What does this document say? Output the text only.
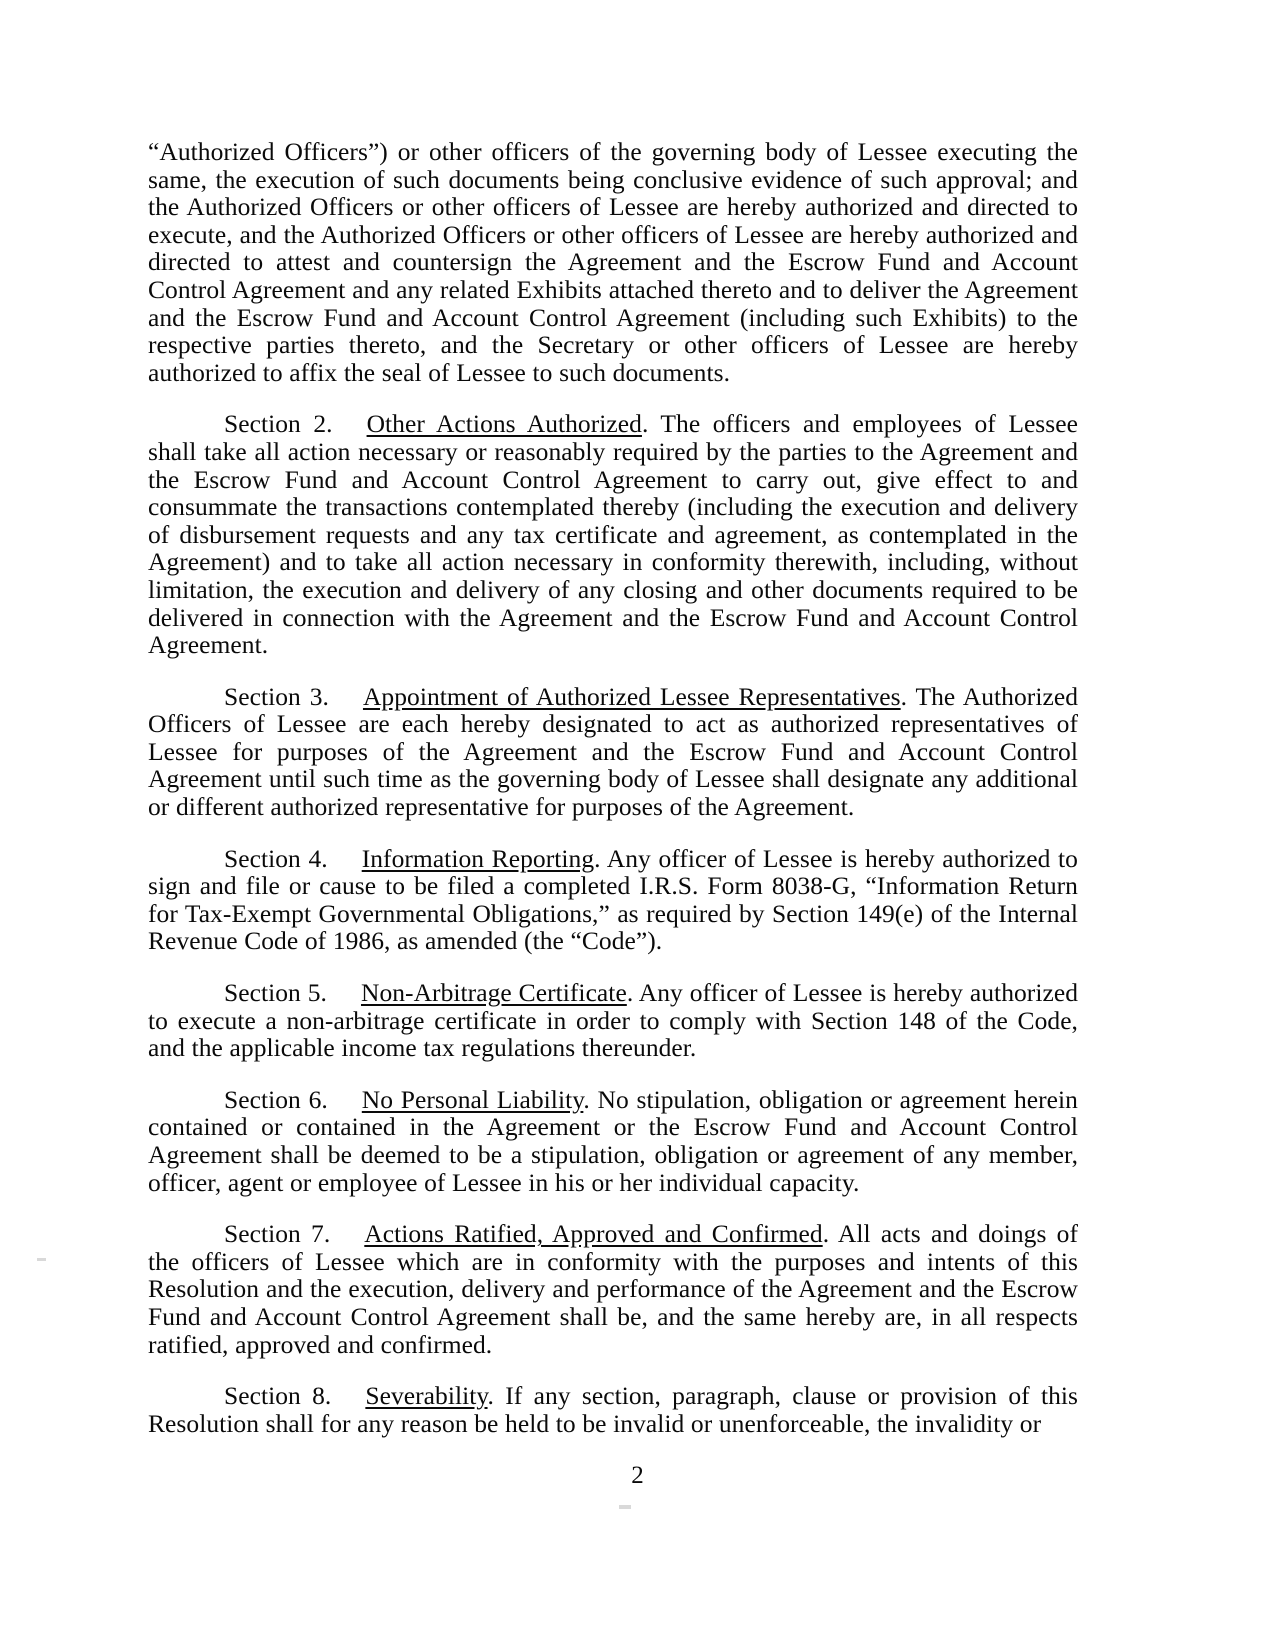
“Authorized Officers”) or other officers of the governing body of Lessee executing the same, the execution of such documents being conclusive evidence of such approval; and the Authorized Officers or other officers of Lessee are hereby authorized and directed to execute, and the Authorized Officers or other officers of Lessee are hereby authorized and directed to attest and countersign the Agreement and the Escrow Fund and Account Control Agreement and any related Exhibits attached thereto and to deliver the Agreement and the Escrow Fund and Account Control Agreement (including such Exhibits) to the respective parties thereto, and the Secretary or other officers of Lessee are hereby authorized to affix the seal of Lessee to such documents.

Section 2. Other Actions Authorized. The officers and employees of Lessee shall take all action necessary or reasonably required by the parties to the Agreement and the Escrow Fund and Account Control Agreement to carry out, give effect to and consummate the transactions contemplated thereby (including the execution and delivery of disbursement requests and any tax certificate and agreement, as contemplated in the Agreement) and to take all action necessary in conformity therewith, including, without limitation, the execution and delivery of any closing and other documents required to be delivered in connection with the Agreement and the Escrow Fund and Account Control Agreement.

Section 3. Appointment of Authorized Lessee Representatives. The Authorized Officers of Lessee are each hereby designated to act as authorized representatives of Lessee for purposes of the Agreement and the Escrow Fund and Account Control Agreement until such time as the governing body of Lessee shall designate any additional or different authorized representative for purposes of the Agreement.

Section 4. Information Reporting. Any officer of Lessee is hereby authorized to sign and file or cause to be filed a completed I.R.S. Form 8038-G, “Information Return for Tax-Exempt Governmental Obligations,” as required by Section 149(e) of the Internal Revenue Code of 1986, as amended (the “Code”).

Section 5. Non-Arbitrage Certificate. Any officer of Lessee is hereby authorized to execute a non-arbitrage certificate in order to comply with Section 148 of the Code, and the applicable income tax regulations thereunder.

Section 6. No Personal Liability. No stipulation, obligation or agreement herein contained or contained in the Agreement or the Escrow Fund and Account Control Agreement shall be deemed to be a stipulation, obligation or agreement of any member, officer, agent or employee of Lessee in his or her individual capacity.

Section 7. Actions Ratified, Approved and Confirmed. All acts and doings of the officers of Lessee which are in conformity with the purposes and intents of this Resolution and the execution, delivery and performance of the Agreement and the Escrow Fund and Account Control Agreement shall be, and the same hereby are, in all respects ratified, approved and confirmed.

Section 8. Severability. If any section, paragraph, clause or provision of this Resolution shall for any reason be held to be invalid or unenforceable, the invalidity or

2
